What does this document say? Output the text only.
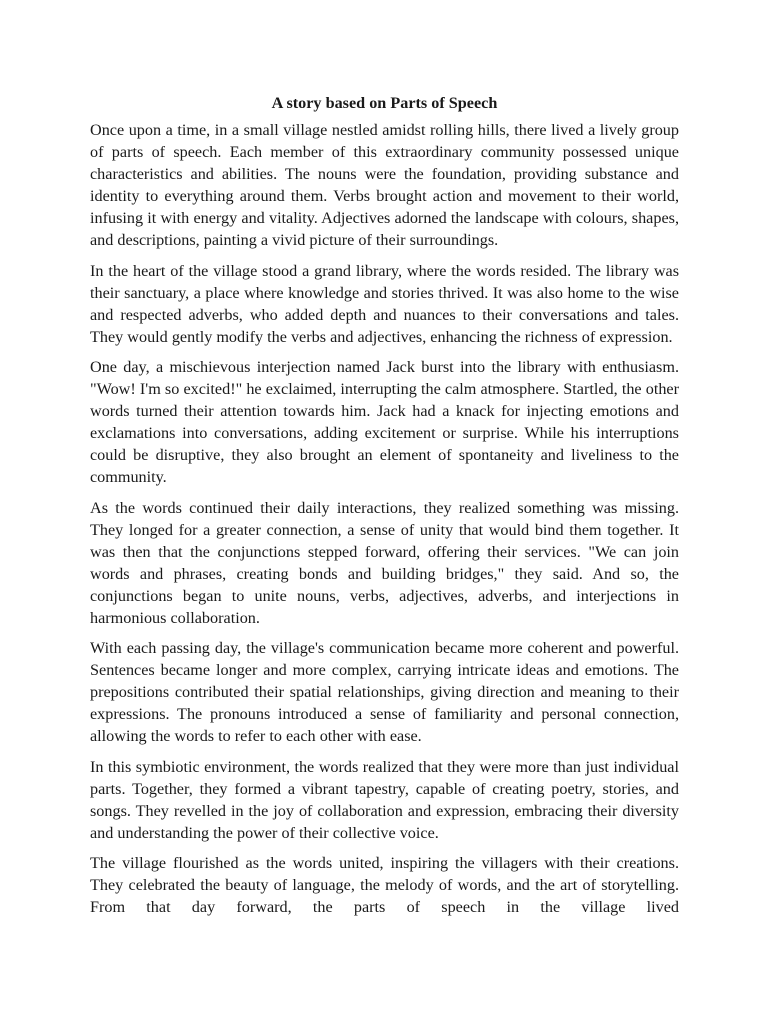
A story based on Parts of Speech

Once upon a time, in a small village nestled amidst rolling hills, there lived a lively group of parts of speech. Each member of this extraordinary community possessed unique characteristics and abilities. The nouns were the foundation, providing substance and identity to everything around them. Verbs brought action and movement to their world, infusing it with energy and vitality. Adjectives adorned the landscape with colours, shapes, and descriptions, painting a vivid picture of their surroundings.

In the heart of the village stood a grand library, where the words resided. The library was their sanctuary, a place where knowledge and stories thrived. It was also home to the wise and respected adverbs, who added depth and nuances to their conversations and tales. They would gently modify the verbs and adjectives, enhancing the richness of expression.

One day, a mischievous interjection named Jack burst into the library with enthusiasm. "Wow! I'm so excited!" he exclaimed, interrupting the calm atmosphere. Startled, the other words turned their attention towards him. Jack had a knack for injecting emotions and exclamations into conversations, adding excitement or surprise. While his interruptions could be disruptive, they also brought an element of spontaneity and liveliness to the community.

As the words continued their daily interactions, they realized something was missing. They longed for a greater connection, a sense of unity that would bind them together. It was then that the conjunctions stepped forward, offering their services. "We can join words and phrases, creating bonds and building bridges," they said. And so, the conjunctions began to unite nouns, verbs, adjectives, adverbs, and interjections in harmonious collaboration.

With each passing day, the village's communication became more coherent and powerful. Sentences became longer and more complex, carrying intricate ideas and emotions. The prepositions contributed their spatial relationships, giving direction and meaning to their expressions. The pronouns introduced a sense of familiarity and personal connection, allowing the words to refer to each other with ease.

In this symbiotic environment, the words realized that they were more than just individual parts. Together, they formed a vibrant tapestry, capable of creating poetry, stories, and songs. They revelled in the joy of collaboration and expression, embracing their diversity and understanding the power of their collective voice.

The village flourished as the words united, inspiring the villagers with their creations. They celebrated the beauty of language, the melody of words, and the art of storytelling. From that day forward, the parts of speech in the village lived
